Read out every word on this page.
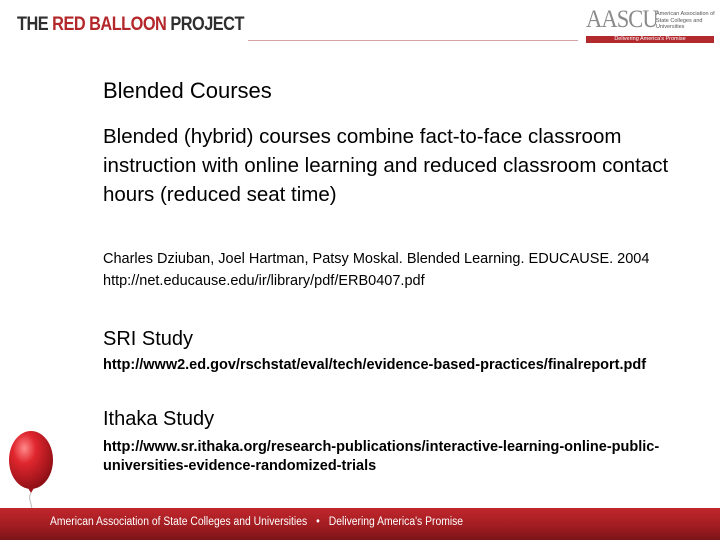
THE RED BALLOON PROJECT	AASCU
American Association of State Colleges and Universities
Delivering America's Promise
Blended Courses
Blended (hybrid) courses combine fact-to-face classroom instruction with online learning and reduced classroom contact hours (reduced seat time)
Charles Dziuban, Joel Hartman, Patsy Moskal. Blended Learning. EDUCAUSE. 2004 http://net.educause.edu/ir/library/pdf/ERB0407.pdf
SRI Study
http://www2.ed.gov/rschstat/eval/tech/evidence-based-practices/finalreport.pdf
Ithaka Study
http://www.sr.ithaka.org/research-publications/interactive-learning-online-public-universities-evidence-randomized-trials
American Association of State Colleges and Universities • Delivering America's Promise
